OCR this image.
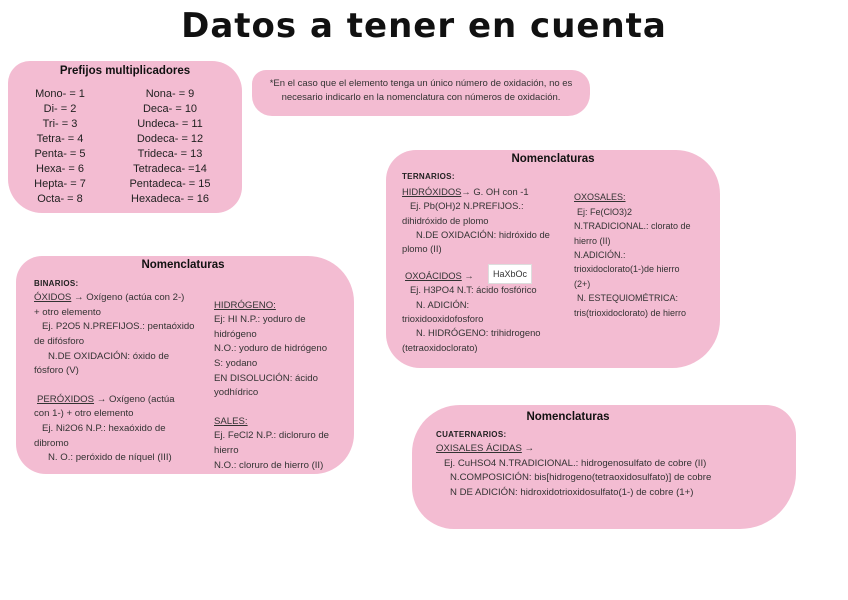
Datos a tener en cuenta
Prefijos multiplicadores
Mono- = 1
Di- = 2
Tri- = 3
Tetra- = 4
Penta- = 5
Hexa- = 6
Hepta- = 7
Octa- = 8
Nona- = 9
Deca- = 10
Undeca- = 11
Dodeca- = 12
Trideca- = 13
Tetradeca- =14
Pentadeca- = 15
Hexadeca- = 16
*En el caso que el elemento tenga un único número de oxidación, no es
necesario indicarlo en la nomenclatura con números de oxidación.
Nomenclaturas
BINARIOS:
ÓXIDOS → Oxígeno (actúa con 2-)
+ otro elemento
Ej. P2O5 N.PREFIJOS.: pentaóxido
de difósforo
N.DE OXIDACIÓN: óxido de
fósforo (V)
PERÓXIDOS → Oxígeno (actúa
con 1-) + otro elemento
Ej. Ni2O6 N.P.: hexaóxido de
dibromo
N. O.: peróxido de níquel (III)
HIDRÓGENO:
Ej: HI N.P.: yoduro de
hidrógeno
N.O.: yoduro de hidrógeno
S: yodano
EN DISOLUCIÓN: ácido
yodhídrico
SALES:
Ej. FeCl2 N.P.: dicloruro de
hierro
N.O.: cloruro de hierro (II)
Nomenclaturas
TERNARIOS:
HIDRÓXIDOS→ G. OH con -1
Ej. Pb(OH)2 N.PREFIJOS.:
dihidróxido de plomo
N.DE OXIDACIÓN: hidróxido de
plomo (II)
OXOÁCIDOS →
Ej. H3PO4 N.T: ácido fosfórico
N. ADICIÓN:
trioxidooxidofosforo
N. HIDRÓGENO: trihidrogeno
(tetraoxidoclorato)
OXOSALES:
Ej: Fe(ClO3)2
N.TRADICIONAL.: clorato de
hierro (II)
N.ADICIÓN.:
trioxidoclorato(1-)de hierro
(2+)
N. ESTEQUIOMÉTRICA:
tris(trioxidoclorato) de hierro
HaXbOc
Nomenclaturas
CUATERNARIOS:
OXISALES ÁCIDAS →
Ej. CuHSO4 N.TRADICIONAL.: hidrogenosulfato de cobre (II)
N.COMPOSICIÓN: bis[hidrogeno(tetraoxidosulfato)] de cobre
N DE ADICIÓN: hidroxidotrioxidosulfato(1-) de cobre (1+)
